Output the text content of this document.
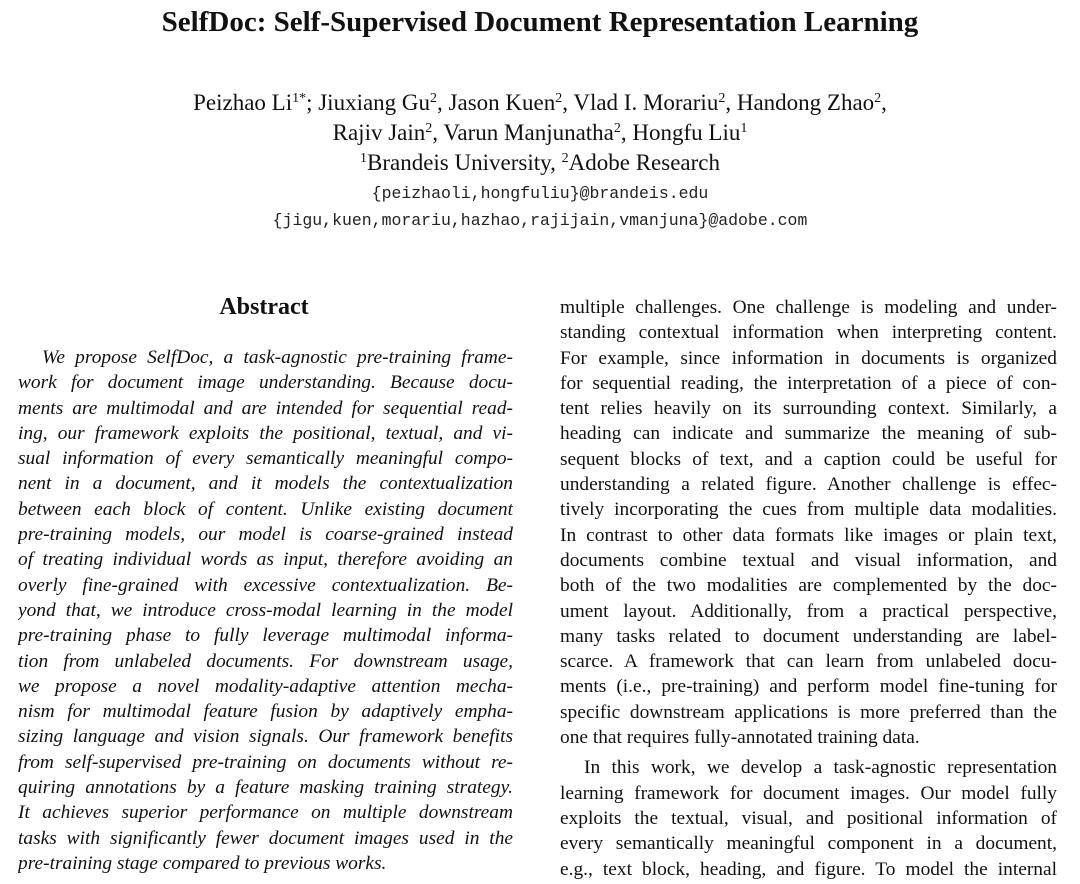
SelfDoc: Self-Supervised Document Representation Learning
Peizhao $Li^{1*}$; Jiuxiang Gu$^2$, Jason Kuen$^2$, Vlad I. Morariu$^2$, Handong Zhao$^2$,
Rajiv Jain$^2$, Varun Manjunatha$^2$, Hongfu Liu$^1$
$^1$Brandeis University, $^2$Adobe Research
{peizhaoli,hongfuliu}@brandeis.edu
{jigu,kuen,morariu,hazhao,rajijain,vmanjuna}@adobe.com
Abstract
We propose SelfDoc, a task-agnostic pre-training frame-
work for document image understanding. Because docu-
ments are multimodal and are intended for sequential read-
ing, our framework exploits the positional, textual, and vi-
sual information of every semantically meaningful compo-
nent in a document, and it models the contextualization
between each block of content. Unlike existing document
pre-training models, our model is coarse-grained instead
of treating individual words as input, therefore avoiding an
overly fine-grained with excessive contextualization. Be-
yond that, we introduce cross-modal learning in the model
pre-training phase to fully leverage multimodal informa-
tion from unlabeled documents. For downstream usage,
we propose a novel modality-adaptive attention mecha-
nism for multimodal feature fusion by adaptively empha-
sizing language and vision signals. Our framework benefits
from self-supervised pre-training on documents without re-
quiring annotations by a feature masking training strategy.
It achieves superior performance on multiple downstream
tasks with significantly fewer document images used in the
pre-training stage compared to previous works.
multiple challenges. One challenge is modeling and under-
standing contextual information when interpreting content.
For example, since information in documents is organized
for sequential reading, the interpretation of a piece of con-
tent relies heavily on its surrounding context. Similarly, a
heading can indicate and summarize the meaning of sub-
sequent blocks of text, and a caption could be useful for
understanding a related figure. Another challenge is effec-
tively incorporating the cues from multiple data modalities.
In contrast to other data formats like images or plain text,
documents combine textual and visual information, and
both of the two modalities are complemented by the doc-
ument layout. Additionally, from a practical perspective,
many tasks related to document understanding are label-
scarce. A framework that can learn from unlabeled docu-
ments (i.e., pre-training) and perform model fine-tuning for
specific downstream applications is more preferred than the
one that requires fully-annotated training data.
In this work, we develop a task-agnostic representation
learning framework for document images. Our model fully
exploits the textual, visual, and positional information of
every semantically meaningful component in a document,
e.g., text block, heading, and figure. To model the internal
